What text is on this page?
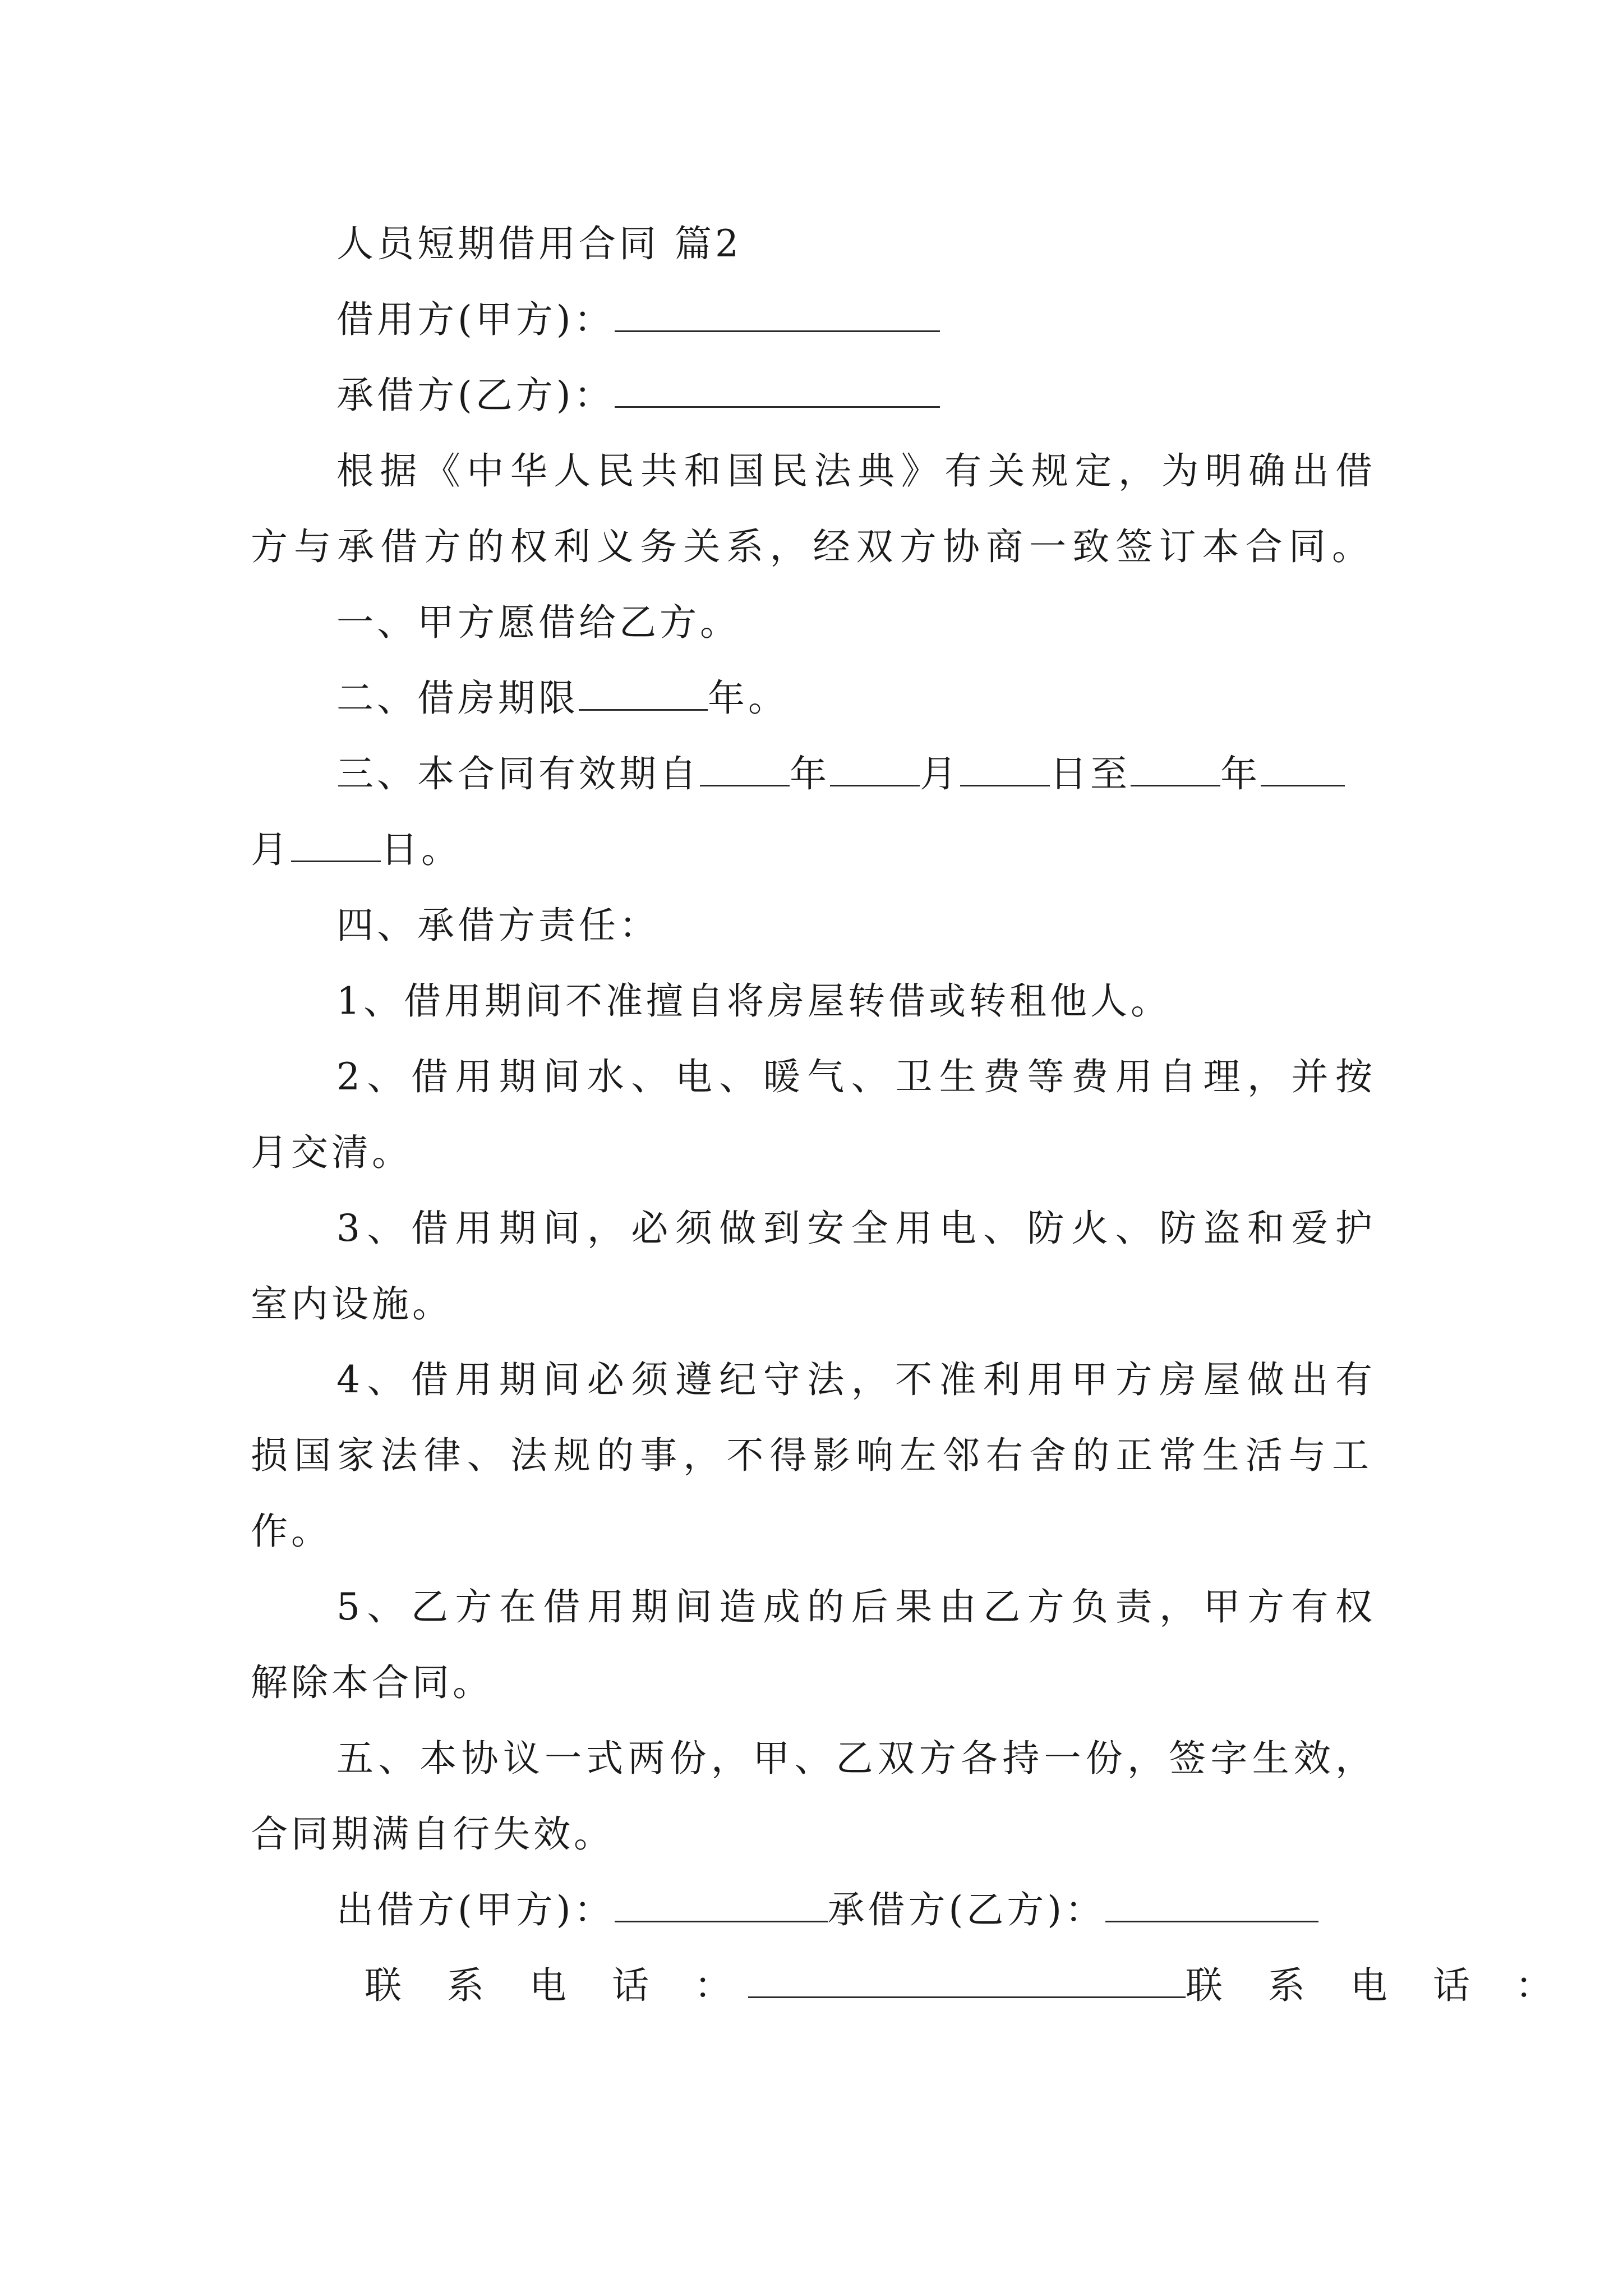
人员短期借用合同 篇2
借用方(甲方)：
承借方(乙方)：
根据《中华人民共和国民法典》有关规定，为明确出借
方与承借方的权利义务关系，经双方协商一致签订本合同。
一、甲方愿借给乙方。
二、借房期限	年。
三、本合同有效期自 年 月 日至 年
月 日。
四、承借方责任：
1、借用期间不准擅自将房屋转借或转租他人。
2、借用期间水、电、暖气、卫生费等费用自理，并按
月交清。
3、借用期间，必须做到安全用电、防火、防盗和爱护
室内设施。
4、借用期间必须遵纪守法，不准利用甲方房屋做出有
损国家法律、法规的事，不得影响左邻右舍的正常生活与工
作。
5、乙方在借用期间造成的后果由乙方负责，甲方有权
解除本合同。
五、本协议一式两份，甲、乙双方各持一份，签字生效，
合同期满自行失效。
出借方(甲方)：	承借方(乙方)：
联 系 电 话 ：	联 系 电 话 ：
